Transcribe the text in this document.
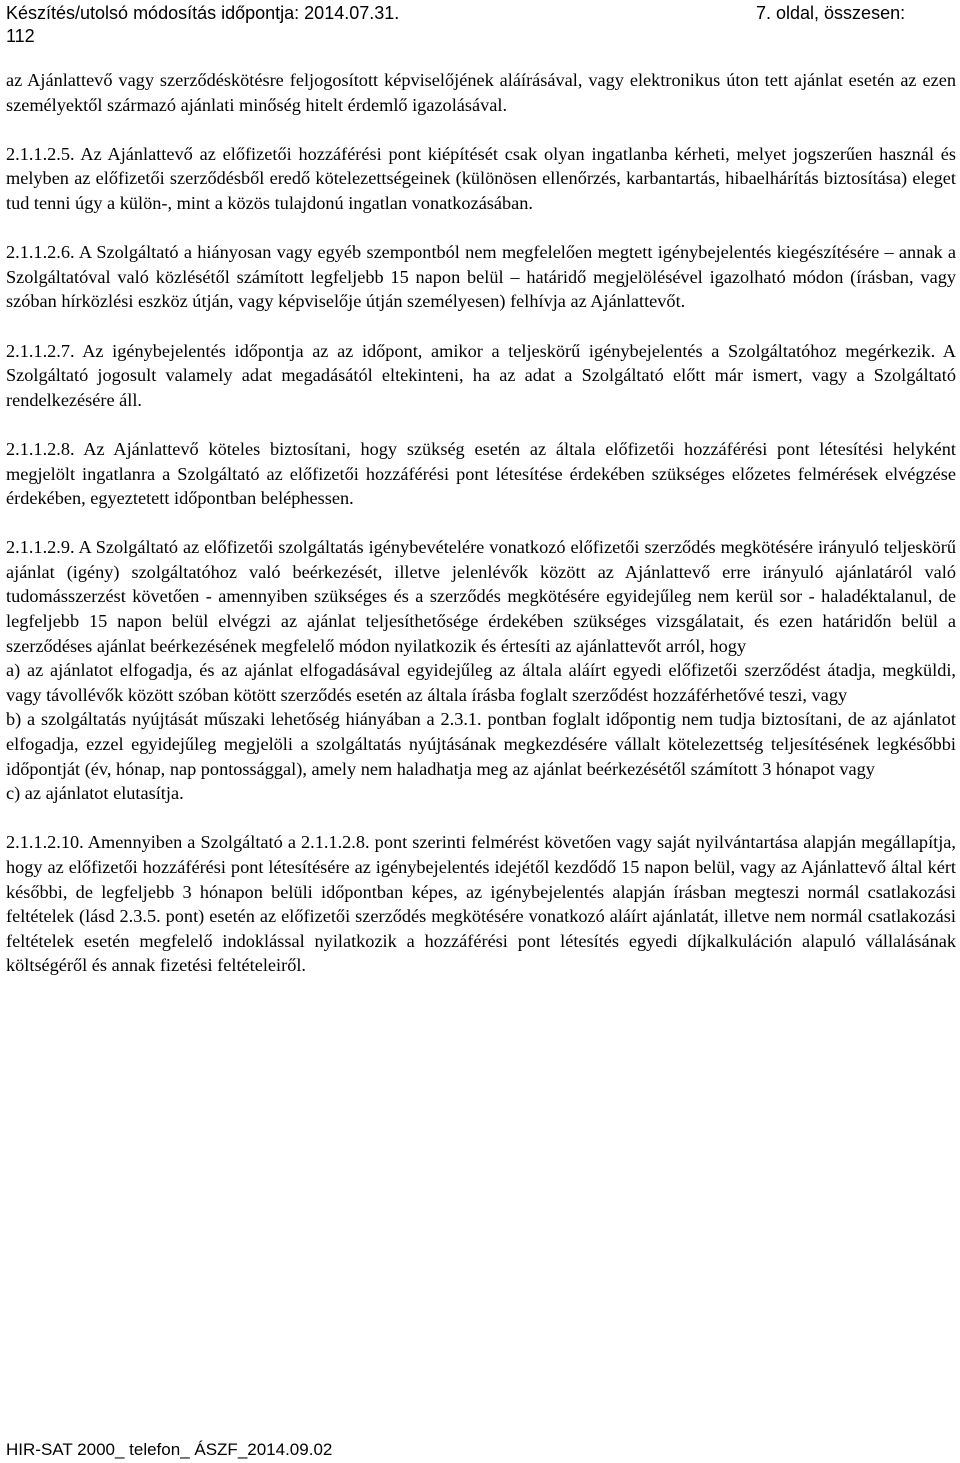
Készítés/utolsó módosítás időpontja: 2014.07.31.	7. oldal, összesen:
112

az Ajánlattevő vagy szerződéskötésre feljogosított képviselőjének aláírásával, vagy elektronikus úton tett ajánlat esetén az ezen személyektől származó ajánlati minőség hitelt érdemlő igazolásával.

2.1.1.2.5. Az Ajánlattevő az előfizetői hozzáférési pont kiépítését csak olyan ingatlanba kérheti, melyet jogszerűen használ és melyben az előfizetői szerződésből eredő kötelezettségeinek (különösen ellenőrzés, karbantartás, hibaelhárítás biztosítása) eleget tud tenni úgy a külön-, mint a közös tulajdonú ingatlan vonatkozásában.

2.1.1.2.6. A Szolgáltató a hiányosan vagy egyéb szempontból nem megfelelően megtett igénybejelentés kiegészítésére – annak a Szolgáltatóval való közlésétől számított legfeljebb 15 napon belül – határidő megjelölésével igazolható módon (írásban, vagy szóban hírközlési eszköz útján, vagy képviselője útján személyesen) felhívja az Ajánlattevőt.

2.1.1.2.7. Az igénybejelentés időpontja az az időpont, amikor a teljeskörű igénybejelentés a Szolgáltatóhoz megérkezik. A Szolgáltató jogosult valamely adat megadásától eltekinteni, ha az adat a Szolgáltató előtt már ismert, vagy a Szolgáltató rendelkezésére áll.

2.1.1.2.8. Az Ajánlattevő köteles biztosítani, hogy szükség esetén az általa előfizetői hozzáférési pont létesítési helyként megjelölt ingatlanra a Szolgáltató az előfizetői hozzáférési pont létesítése érdekében szükséges előzetes felmérések elvégzése érdekében, egyeztetett időpontban beléphessen.

2.1.1.2.9. A Szolgáltató az előfizetői szolgáltatás igénybevételére vonatkozó előfizetői szerződés megkötésére irányuló teljeskörű ajánlat (igény) szolgáltatóhoz való beérkezését, illetve jelenlévők között az Ajánlattevő erre irányuló ajánlatáról való tudomásszerzést követően - amennyiben szükséges és a szerződés megkötésére egyidejűleg nem kerül sor - haladéktalanul, de legfeljebb 15 napon belül elvégzi az ajánlat teljesíthetősége érdekében szükséges vizsgálatait, és ezen határidőn belül a szerződéses ajánlat beérkezésének megfelelő módon nyilatkozik és értesíti az ajánlattevőt arról, hogy

a) az ajánlatot elfogadja, és az ajánlat elfogadásával egyidejűleg az általa aláírt egyedi előfizetői szerződést átadja, megküldi, vagy távollévők között szóban kötött szerződés esetén az általa írásba foglalt szerződést hozzáférhetővé teszi, vagy

b) a szolgáltatás nyújtását műszaki lehetőség hiányában a 2.3.1. pontban foglalt időpontig nem tudja biztosítani, de az ajánlatot elfogadja, ezzel egyidejűleg megjelöli a szolgáltatás nyújtásának megkezdésére vállalt kötelezettség teljesítésének legkésőbbi időpontját (év, hónap, nap pontossággal), amely nem haladhatja meg az ajánlat beérkezésétől számított 3 hónapot vagy

c) az ajánlatot elutasítja.

2.1.1.2.10. Amennyiben a Szolgáltató a 2.1.1.2.8. pont szerinti felmérést követően vagy saját nyilvántartása alapján megállapítja, hogy az előfizetői hozzáférési pont létesítésére az igénybejelentés idejétől kezdődő 15 napon belül, vagy az Ajánlattevő által kért későbbi, de legfeljebb 3 hónapon belüli időpontban képes, az igénybejelentés alapján írásban megteszi normál csatlakozási feltételek (lásd 2.3.5. pont) esetén az előfizetői szerződés megkötésére vonatkozó aláírt ajánlatát, illetve nem normál csatlakozási feltételek esetén megfelelő indoklással nyilatkozik a hozzáférési pont létesítés egyedi díjkalkuláción alapuló vállalásának költségéről és annak fizetési feltételeiről.

HIR-SAT 2000_ telefon_ ÁSZF_2014.09.02
